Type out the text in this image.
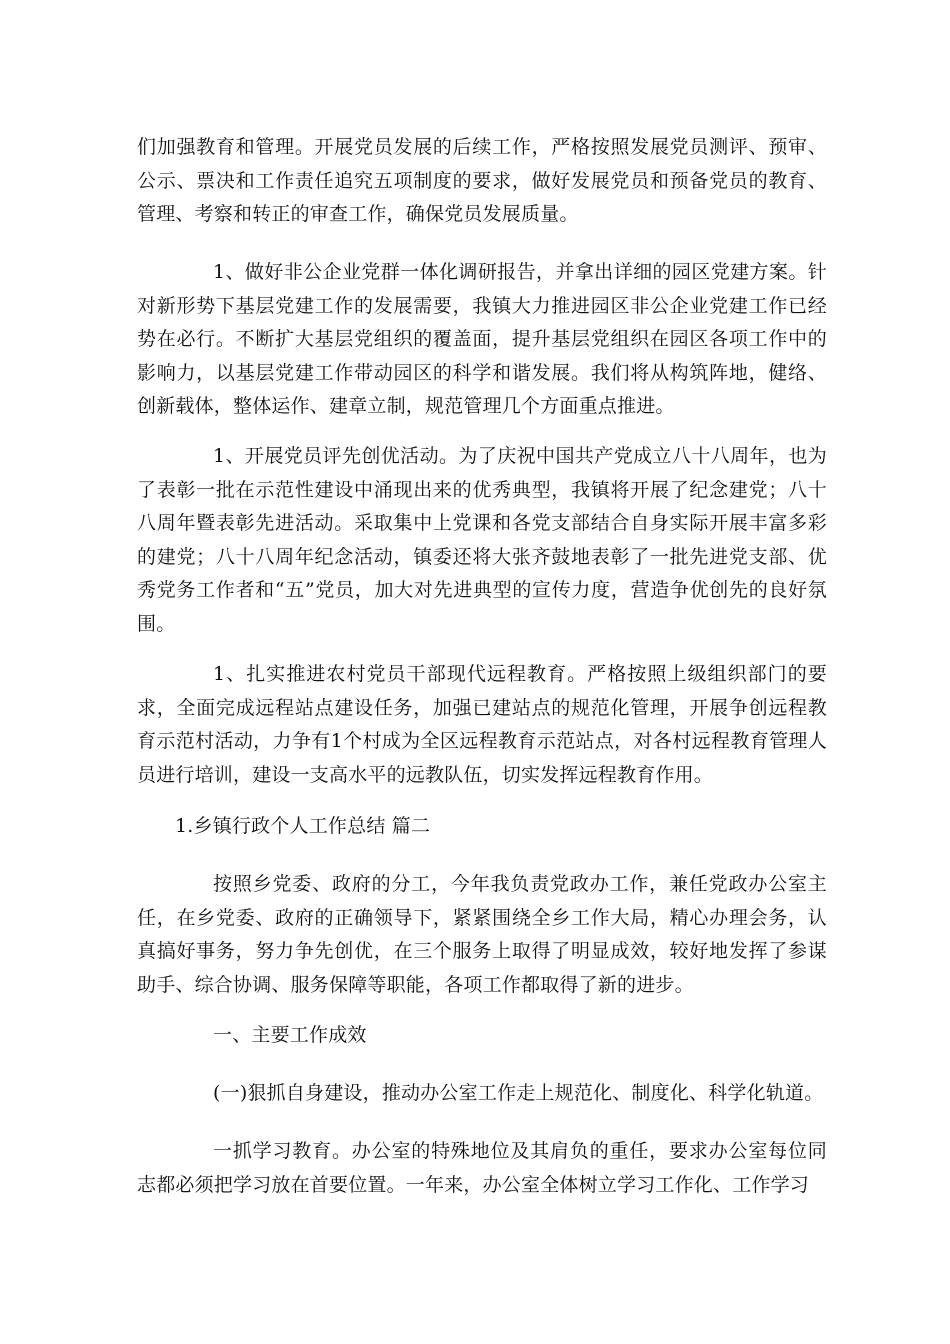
们加强教育和管理。开展党员发展的后续工作，严格按照发展党员测评、预审、公示、票决和工作责任追究五项制度的要求，做好发展党员和预备党员的教育、管理、考察和转正的审查工作，确保党员发展质量。

1、做好非公企业党群一体化调研报告，并拿出详细的园区党建方案。针对新形势下基层党建工作的发展需要，我镇大力推进园区非公企业党建工作已经势在必行。不断扩大基层党组织的覆盖面，提升基层党组织在园区各项工作中的影响力，以基层党建工作带动园区的科学和谐发展。我们将从构筑阵地，健络、创新载体，整体运作、建章立制，规范管理几个方面重点推进。

1、开展党员评先创优活动。为了庆祝中国共产党成立八十八周年，也为了表彰一批在示范性建设中涌现出来的优秀典型，我镇将开展了纪念建党；八十八周年暨表彰先进活动。采取集中上党课和各党支部结合自身实际开展丰富多彩的建党；八十八周年纪念活动，镇委还将大张齐鼓地表彰了一批先进党支部、优秀党务工作者和“五”党员，加大对先进典型的宣传力度，营造争优创先的良好氛围。

1、扎实推进农村党员干部现代远程教育。严格按照上级组织部门的要求，全面完成远程站点建设任务，加强已建站点的规范化管理，开展争创远程教育示范村活动，力争有1个村成为全区远程教育示范站点，对各村远程教育管理人员进行培训，建设一支高水平的远教队伍，切实发挥远程教育作用。

1.乡镇行政个人工作总结 篇二

按照乡党委、政府的分工，今年我负责党政办工作，兼任党政办公室主任，在乡党委、政府的正确领导下，紧紧围绕全乡工作大局，精心办理会务，认真搞好事务，努力争先创优，在三个服务上取得了明显成效，较好地发挥了参谋助手、综合协调、服务保障等职能，各项工作都取得了新的进步。

一、主要工作成效

(一)狠抓自身建设，推动办公室工作走上规范化、制度化、科学化轨道。

一抓学习教育。办公室的特殊地位及其肩负的重任，要求办公室每位同志都必须把学习放在首要位置。一年来，办公室全体树立学习工作化、工作学习
